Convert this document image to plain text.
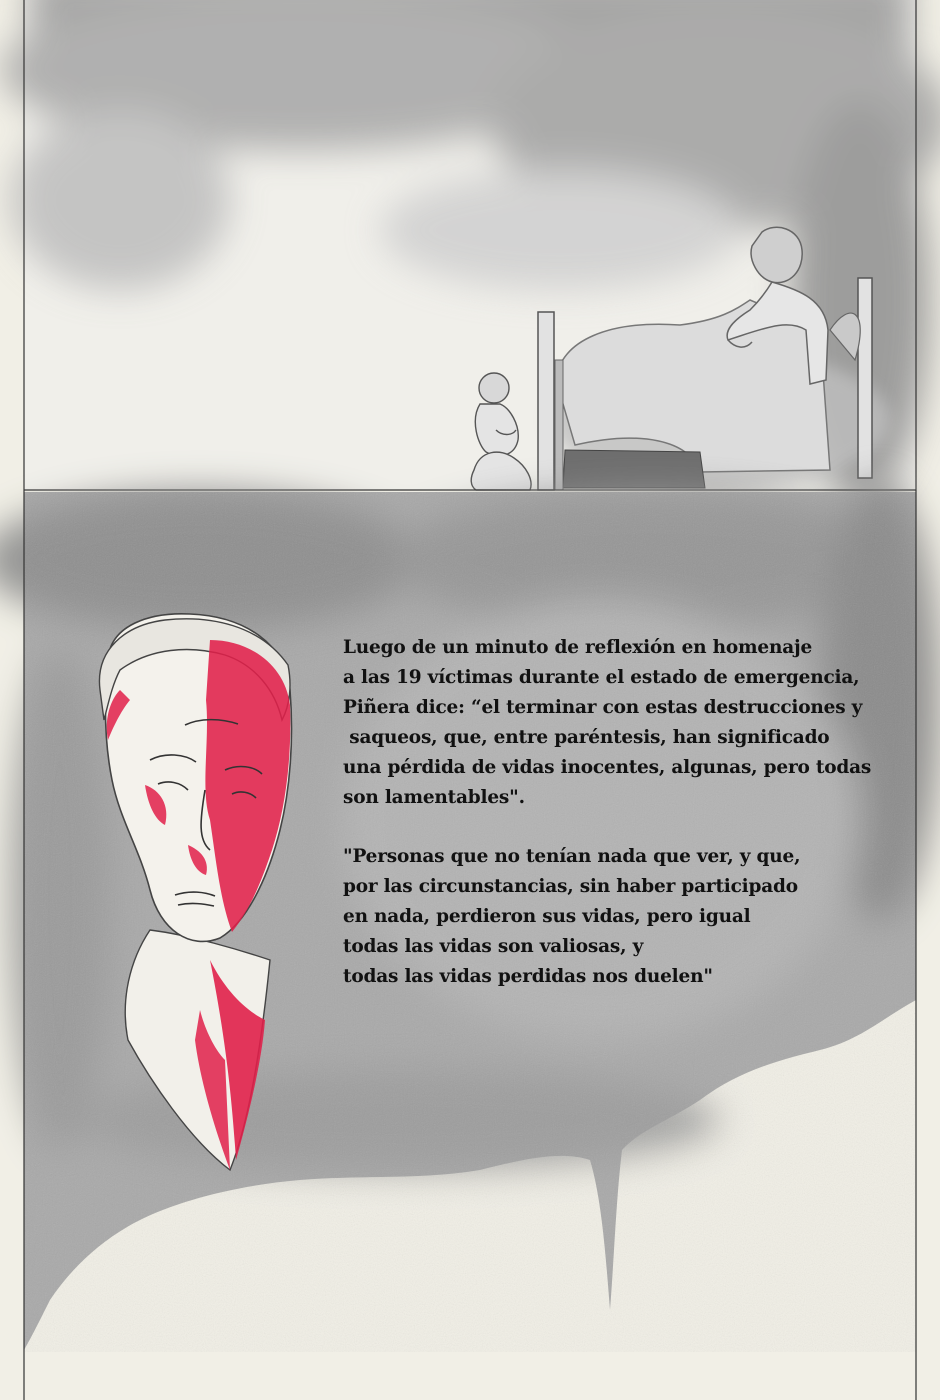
Luego de un minuto de reflexión en homenaje
a las 19 víctimas durante el estado de emergencia,
Piñera dice: “el terminar con estas destrucciones y
saqueos, que, entre paréntesis, han significado
una pérdida de vidas inocentes, algunas, pero todas
son lamentables".
"Personas que no tenían nada que ver, y que,
por las circunstancias, sin haber participado
en nada, perdieron sus vidas, pero igual
todas las vidas son valiosas, y
todas las vidas perdidas nos duelen"
